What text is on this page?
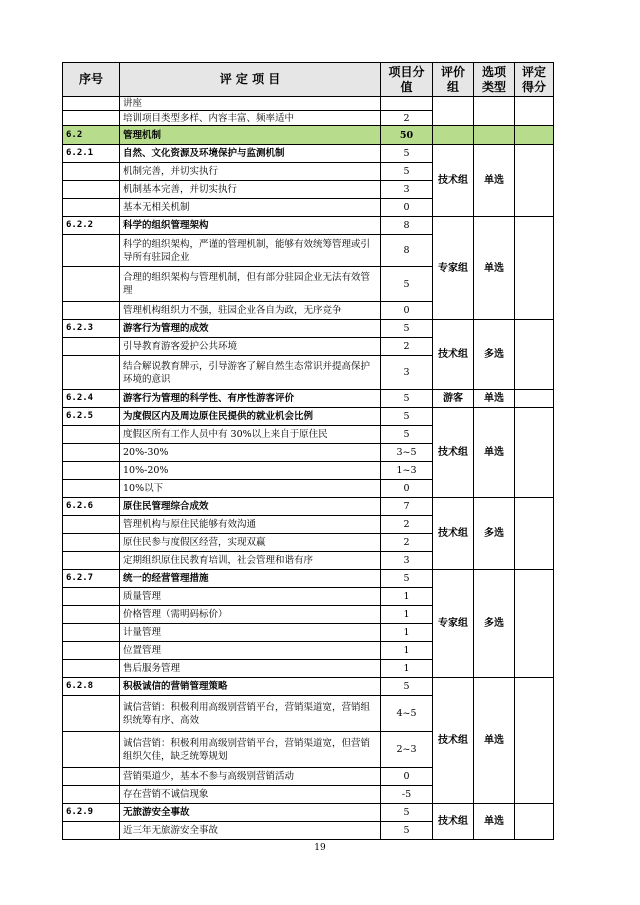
序号	评 定 项 目	项目分值	评价组	选项类型	评定得分
	讲座				
	培训项目类型多样、内容丰富、频率适中	2			
6.2	管理机制	50			
6.2.1	自然、文化资源及环境保护与监测机制	5	技术组	单选	
	机制完善，并切实执行	5			
	机制基本完善，并切实执行	3			
	基本无相关机制	0			
6.2.2	科学的组织管理架构	8	专家组	单选	
	科学的组织架构，严谨的管理机制，能够有效统筹管理或引导所有驻园企业	8			
	合理的组织架构与管理机制，但有部分驻园企业无法有效管理	5			
	管理机构组织力不强，驻园企业各自为政，无序竞争	0			
6.2.3	游客行为管理的成效	5	技术组	多选	
	引导教育游客爱护公共环境	2			
	结合解说教育牌示，引导游客了解自然生态常识并提高保护环境的意识	3			
6.2.4	游客行为管理的科学性、有序性游客评价	5	游客	单选	
6.2.5	为度假区内及周边原住民提供的就业机会比例	5	技术组	单选	
	度假区所有工作人员中有 30%以上来自于原住民	5			
	20%-30%	3~5			
	10%-20%	1~3			
	10%以下	0			
6.2.6	原住民管理综合成效	7	技术组	多选	
	管理机构与原住民能够有效沟通	2			
	原住民参与度假区经营，实现双赢	2			
	定期组织原住民教育培训，社会管理和谐有序	3			
6.2.7	统一的经营管理措施	5	专家组	多选	
	质量管理	1			
	价格管理（需明码标价）	1			
	计量管理	1			
	位置管理	1			
	售后服务管理	1			
6.2.8	积极诚信的营销管理策略	5	技术组	单选	
	诚信营销：积极利用高级别营销平台，营销渠道宽，营销组织统筹有序、高效	4~5			
	诚信营销：积极利用高级别营销平台，营销渠道宽，但营销组织欠佳，缺乏统筹规划	2~3			
	营销渠道少，基本不参与高级别营销活动	0			
	存在营销不诚信现象	-5			
6.2.9	无旅游安全事故	5	技术组	单选	
	近三年无旅游安全事故	5			
19
